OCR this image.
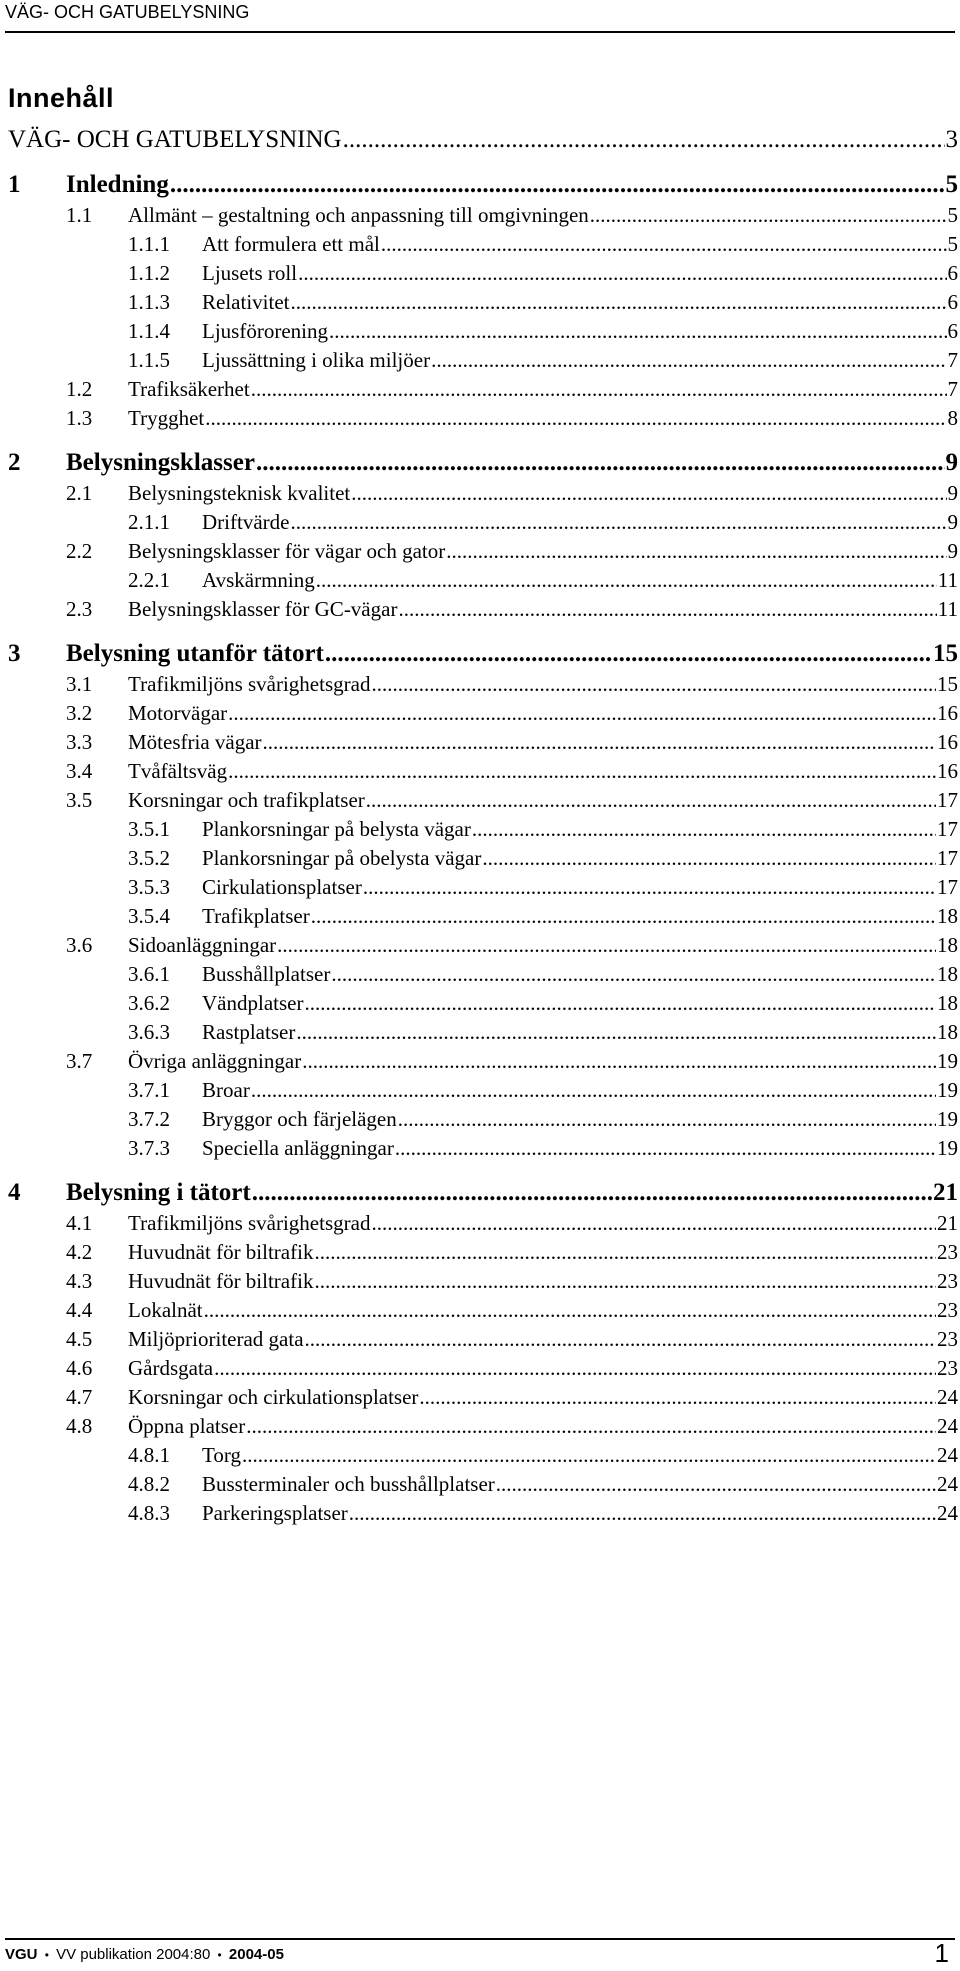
VÄG- OCH GATUBELYSNING
Innehåll
VÄG- OCH GATUBELYSNING .....	3
1 Inledning .....	5
1.1 Allmänt – gestaltning och anpassning till omgivningen .....	5
1.1.1 Att formulera ett mål .....	5
1.1.2 Ljusets roll .....	6
1.1.3 Relativitet .....	6
1.1.4 Ljusförorening .....	6
1.1.5 Ljussättning i olika miljöer .....	7
1.2 Trafiksäkerhet .....	7
1.3 Trygghet .....	8
2 Belysningsklasser .....	9
2.1 Belysningsteknisk kvalitet .....	9
2.1.1 Driftvärde .....	9
2.2 Belysningsklasser för vägar och gator .....	9
2.2.1 Avskärmning .....	11
2.3 Belysningsklasser för GC-vägar .....	11
3 Belysning utanför tätort .....	15
3.1 Trafikmiljöns svårighetsgrad .....	15
3.2 Motorvägar .....	16
3.3 Mötesfria vägar .....	16
3.4 Tvåfältsväg .....	16
3.5 Korsningar och trafikplatser .....	17
3.5.1 Plankorsningar på belysta vägar .....	17
3.5.2 Plankorsningar på obelysta vägar .....	17
3.5.3 Cirkulationsplatser .....	17
3.5.4 Trafikplatser .....	18
3.6 Sidoanläggningar .....	18
3.6.1 Busshållplatser .....	18
3.6.2 Vändplatser .....	18
3.6.3 Rastplatser .....	18
3.7 Övriga anläggningar .....	19
3.7.1 Broar .....	19
3.7.2 Bryggor och färjelägen .....	19
3.7.3 Speciella anläggningar .....	19
4 Belysning i tätort .....	21
4.1 Trafikmiljöns svårighetsgrad .....	21
4.2 Huvudnät för biltrafik .....	23
4.3 Huvudnät för biltrafik .....	23
4.4 Lokalnät .....	23
4.5 Miljöprioriterad gata .....	23
4.6 Gårdsgata .....	23
4.7 Korsningar och cirkulationsplatser .....	24
4.8 Öppna platser .....	24
4.8.1 Torg .....	24
4.8.2 Bussterminaler och busshållplatser .....	24
4.8.3 Parkeringsplatser .....	24
VGU • VV publikation 2004:80 • 2004-05	1
